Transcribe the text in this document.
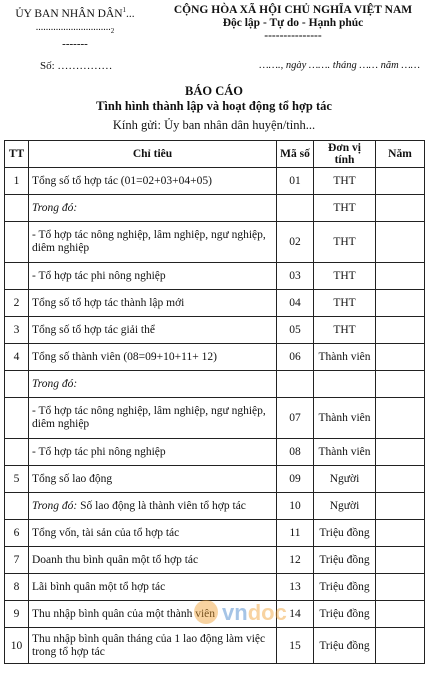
ỦY BAN NHÂN DÂN$^1$...
$.............................._2$
-------
CỘNG HÒA XÃ HỘI CHỦ NGHĨA VIỆT NAM
Độc lập - Tự do - Hạnh phúc
---------------
Số: ……………	……., ngày ……. tháng …… năm ……
BÁO CÁO
Tình hình thành lập và hoạt động tổ hợp tác
Kính gửi: Ủy ban nhân dân huyện/tỉnh...
TT	Chỉ tiêu	Mã số	Đơn vị tính	Năm
1	Tổng số tổ hợp tác (01=02+03+04+05)	01	THT	
	Trong đó:		THT	
	- Tổ hợp tác nông nghiệp, lâm nghiệp, ngư nghiệp, diêm nghiệp	02	THT	
	- Tổ hợp tác phi nông nghiệp	03	THT	
2	Tổng số tổ hợp tác thành lập mới	04	THT	
3	Tổng số tổ hợp tác giải thể	05	THT	
4	Tổng số thành viên (08=09+10+11+ 12)	06	Thành viên	
	Trong đó:			
	- Tổ hợp tác nông nghiệp, lâm nghiệp, ngư nghiệp, diêm nghiệp	07	Thành viên	
	- Tổ hợp tác phi nông nghiệp	08	Thành viên	
5	Tổng số lao động	09	Người	
	Trong đó: Số lao động là thành viên tổ hợp tác	10	Người	
6	Tổng vốn, tài sản của tổ hợp tác	11	Triệu đồng	
7	Doanh thu bình quân một tổ hợp tác	12	Triệu đồng	
8	Lãi bình quân một tổ hợp tác	13	Triệu đồng	
9	Thu nhập bình quân của một thành viên	14	Triệu đồng	
10	Thu nhập bình quân tháng của 1 lao động làm việc trong tổ hợp tác	15	Triệu đồng	
vndoc
